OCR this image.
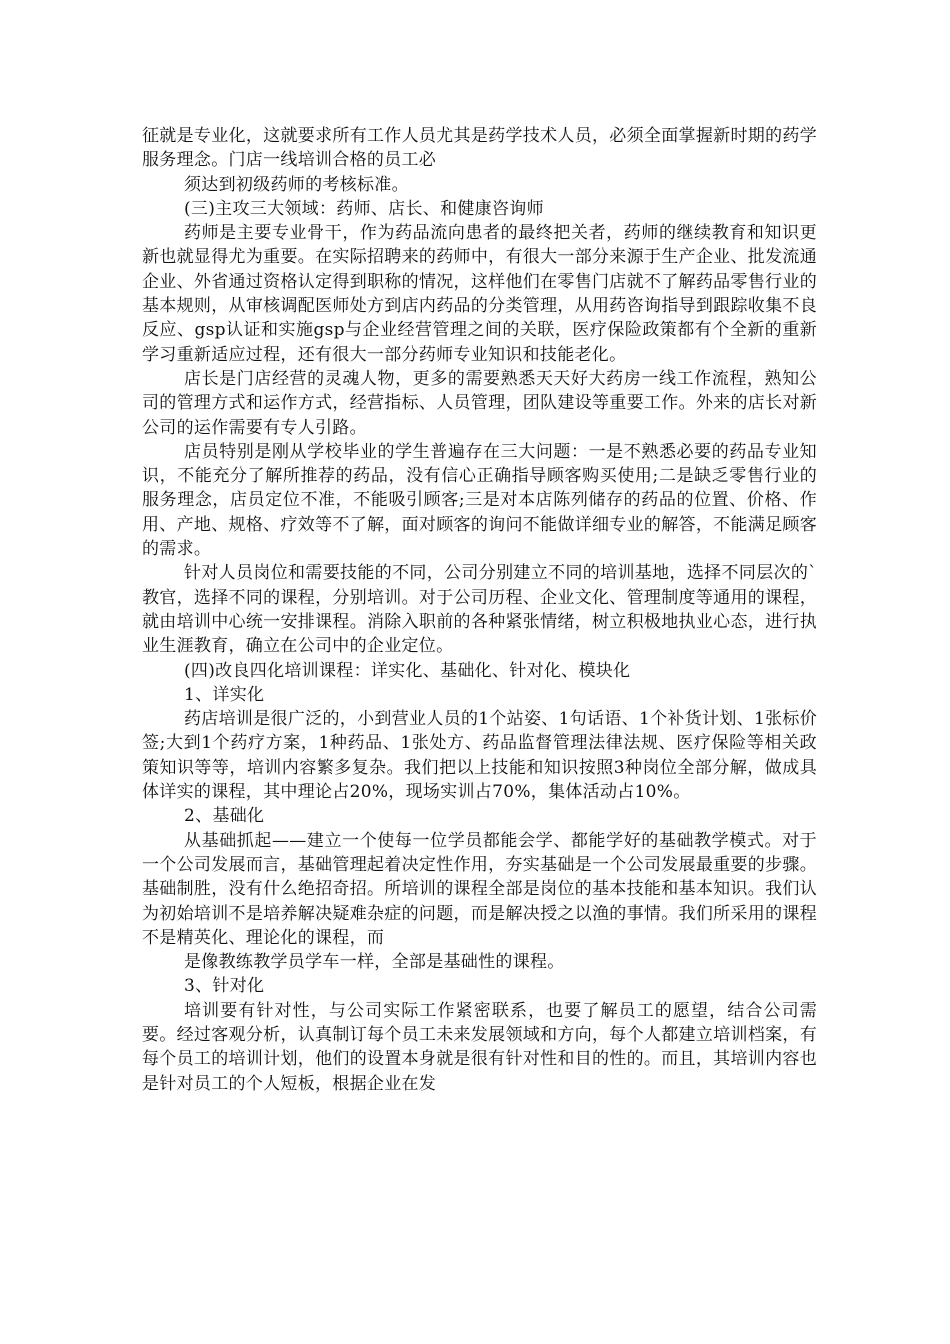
征就是专业化，这就要求所有工作人员尤其是药学技术人员，必须全面掌握新时期的药学服务理念。门店一线培训合格的员工必

须达到初级药师的考核标准。

(三)主攻三大领域：药师、店长、和健康咨询师

药师是主要专业骨干，作为药品流向患者的最终把关者，药师的继续教育和知识更新也就显得尤为重要。在实际招聘来的药师中，有很大一部分来源于生产企业、批发流通企业、外省通过资格认定得到职称的情况，这样他们在零售门店就不了解药品零售行业的基本规则，从审核调配医师处方到店内药品的分类管理，从用药咨询指导到跟踪收集不良反应、gsp认证和实施gsp与企业经营管理之间的关联，医疗保险政策都有个全新的重新学习重新适应过程，还有很大一部分药师专业知识和技能老化。

店长是门店经营的灵魂人物，更多的需要熟悉天天好大药房一线工作流程，熟知公司的管理方式和运作方式，经营指标、人员管理，团队建设等重要工作。外来的店长对新公司的运作需要有专人引路。

店员特别是刚从学校毕业的学生普遍存在三大问题：一是不熟悉必要的药品专业知识，不能充分了解所推荐的药品，没有信心正确指导顾客购买使用;二是缺乏零售行业的服务理念，店员定位不准，不能吸引顾客;三是对本店陈列储存的药品的位置、价格、作用、产地、规格、疗效等不了解，面对顾客的询问不能做详细专业的解答，不能满足顾客的需求。

针对人员岗位和需要技能的不同，公司分别建立不同的培训基地，选择不同层次的`教官，选择不同的课程，分别培训。对于公司历程、企业文化、管理制度等通用的课程，就由培训中心统一安排课程。消除入职前的各种紧张情绪，树立积极地执业心态，进行执业生涯教育，确立在公司中的企业定位。

(四)改良四化培训课程：详实化、基础化、针对化、模块化

1、详实化

药店培训是很广泛的，小到营业人员的1个站姿、1句话语、1个补货计划、1张标价签;大到1个药疗方案，1种药品、1张处方、药品监督管理法律法规、医疗保险等相关政策知识等等，培训内容繁多复杂。我们把以上技能和知识按照3种岗位全部分解，做成具体详实的课程，其中理论占20%，现场实训占70%，集体活动占10%。

2、基础化

从基础抓起——建立一个使每一位学员都能会学、都能学好的基础教学模式。对于一个公司发展而言，基础管理起着决定性作用，夯实基础是一个公司发展最重要的步骤。基础制胜，没有什么绝招奇招。所培训的课程全部是岗位的基本技能和基本知识。我们认为初始培训不是培养解决疑难杂症的问题，而是解决授之以渔的事情。我们所采用的课程不是精英化、理论化的课程，而

是像教练教学员学车一样，全部是基础性的课程。

3、针对化

培训要有针对性，与公司实际工作紧密联系，也要了解员工的愿望，结合公司需要。经过客观分析，认真制订每个员工未来发展领域和方向，每个人都建立培训档案，有每个员工的培训计划，他们的设置本身就是很有针对性和目的性的。而且，其培训内容也是针对员工的个人短板，根据企业在发
